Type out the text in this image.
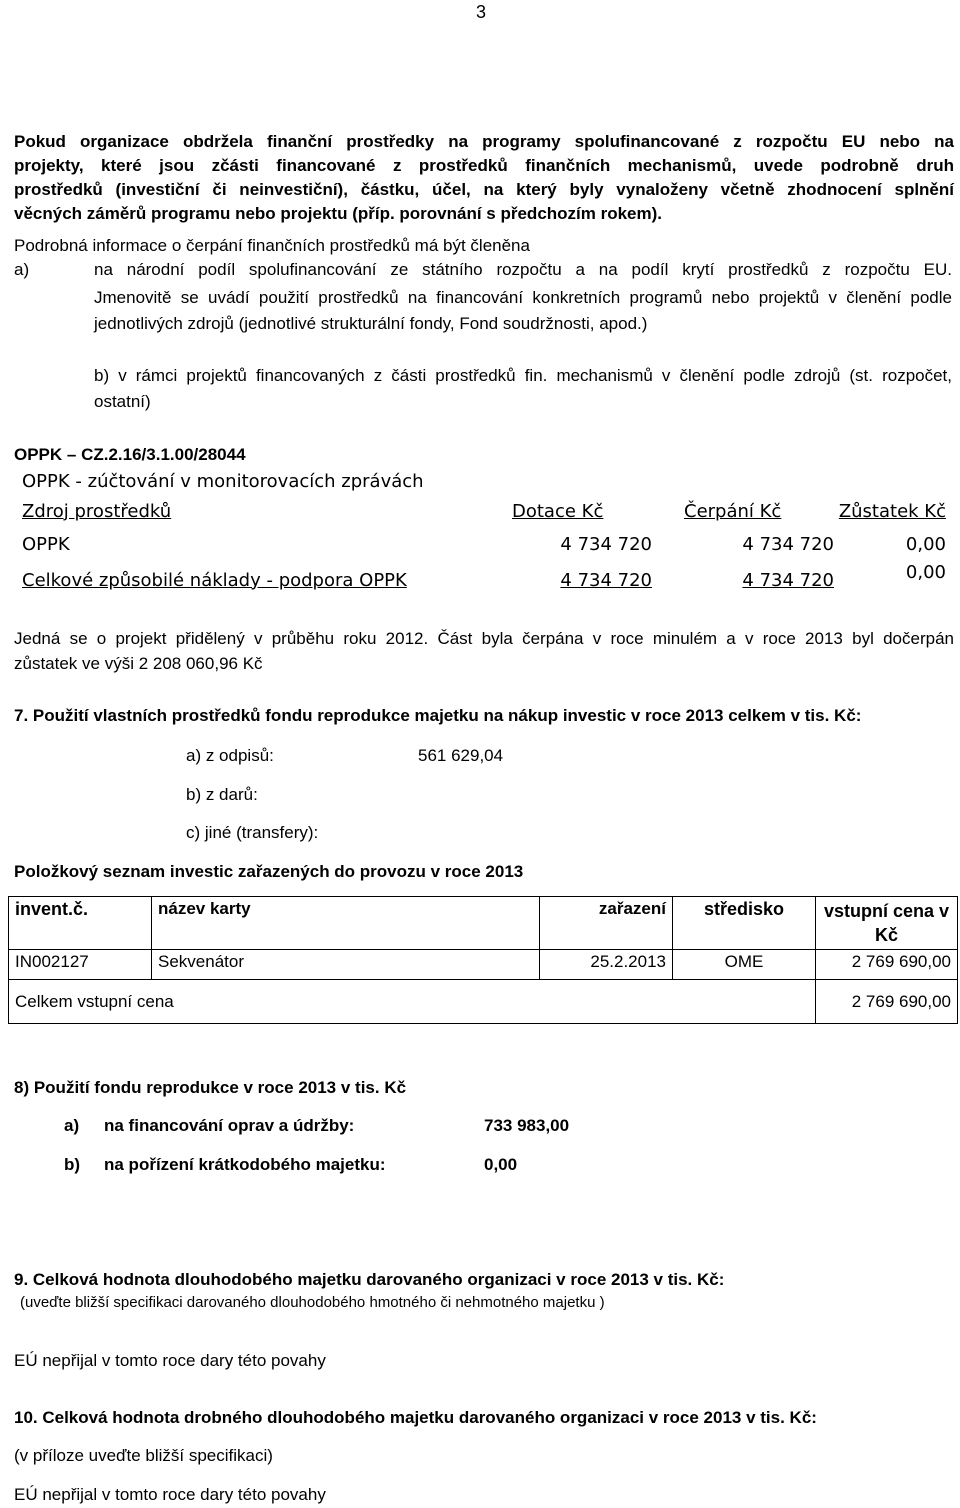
3
Pokud organizace obdržela finanční prostředky na programy spolufinancované z rozpočtu EU nebo na
projekty, které jsou zčásti financované z prostředků finančních mechanismů, uvede podrobně druh
prostředků (investiční či neinvestiční), částku, účel, na který byly vynaloženy včetně zhodnocení splnění
věcných záměrů programu nebo projektu (příp. porovnání s předchozím rokem).
Podrobná informace o čerpání finančních prostředků má být členěna
a)	na národní podíl spolufinancování ze státního rozpočtu a na podíl krytí prostředků z rozpočtu EU.
Jmenovitě se uvádí použití prostředků na financování konkretních programů nebo projektů v členění podle
jednotlivých zdrojů (jednotlivé strukturální fondy, Fond soudržnosti, apod.)
b) v rámci projektů financovaných z části prostředků fin. mechanismů v členění podle zdrojů (st. rozpočet,
ostatní)
OPPK – CZ.2.16/3.1.00/28044
OPPK - zúčtování v monitorovacích zprávách			
Zdroj prostředků	Dotace Kč	Čerpání Kč	Zůstatek Kč
OPPK	4 734 720	4 734 720	0,00
Celkové způsobilé náklady - podpora OPPK	4 734 720	4 734 720	0,00
Jedná se o projekt přidělený v průběhu roku 2012. Část byla čerpána v roce minulém a v roce 2013 byl dočerpán
zůstatek ve výši 2 208 060,96 Kč
7. Použití vlastních prostředků fondu reprodukce majetku na nákup investic v roce 2013 celkem v tis. Kč:
a) z odpisů:	561 629,04
b) z darů:
c) jiné (transfery):
Položkový seznam investic zařazených do provozu v roce 2013
invent.č.	název karty	zařazení	středisko	vstupní cena v Kč
IN002127	Sekvenátor	25.2.2013	OME	2 769 690,00
Celkem vstupní cena				2 769 690,00
8) Použití fondu reprodukce v roce 2013 v tis. Kč
a) na financování oprav a údržby:	733 983,00
b) na pořízení krátkodobého majetku:	0,00
9. Celková hodnota dlouhodobého majetku darovaného organizaci v roce 2013 v tis. Kč:
(uveďte bližší specifikaci darovaného dlouhodobého hmotného či nehmotného majetku )
EÚ nepřijal v tomto roce dary této povahy
10. Celková hodnota drobného dlouhodobého majetku darovaného organizaci v roce 2013 v tis. Kč:
(v příloze uveďte bližší specifikaci)
EÚ nepřijal v tomto roce dary této povahy
